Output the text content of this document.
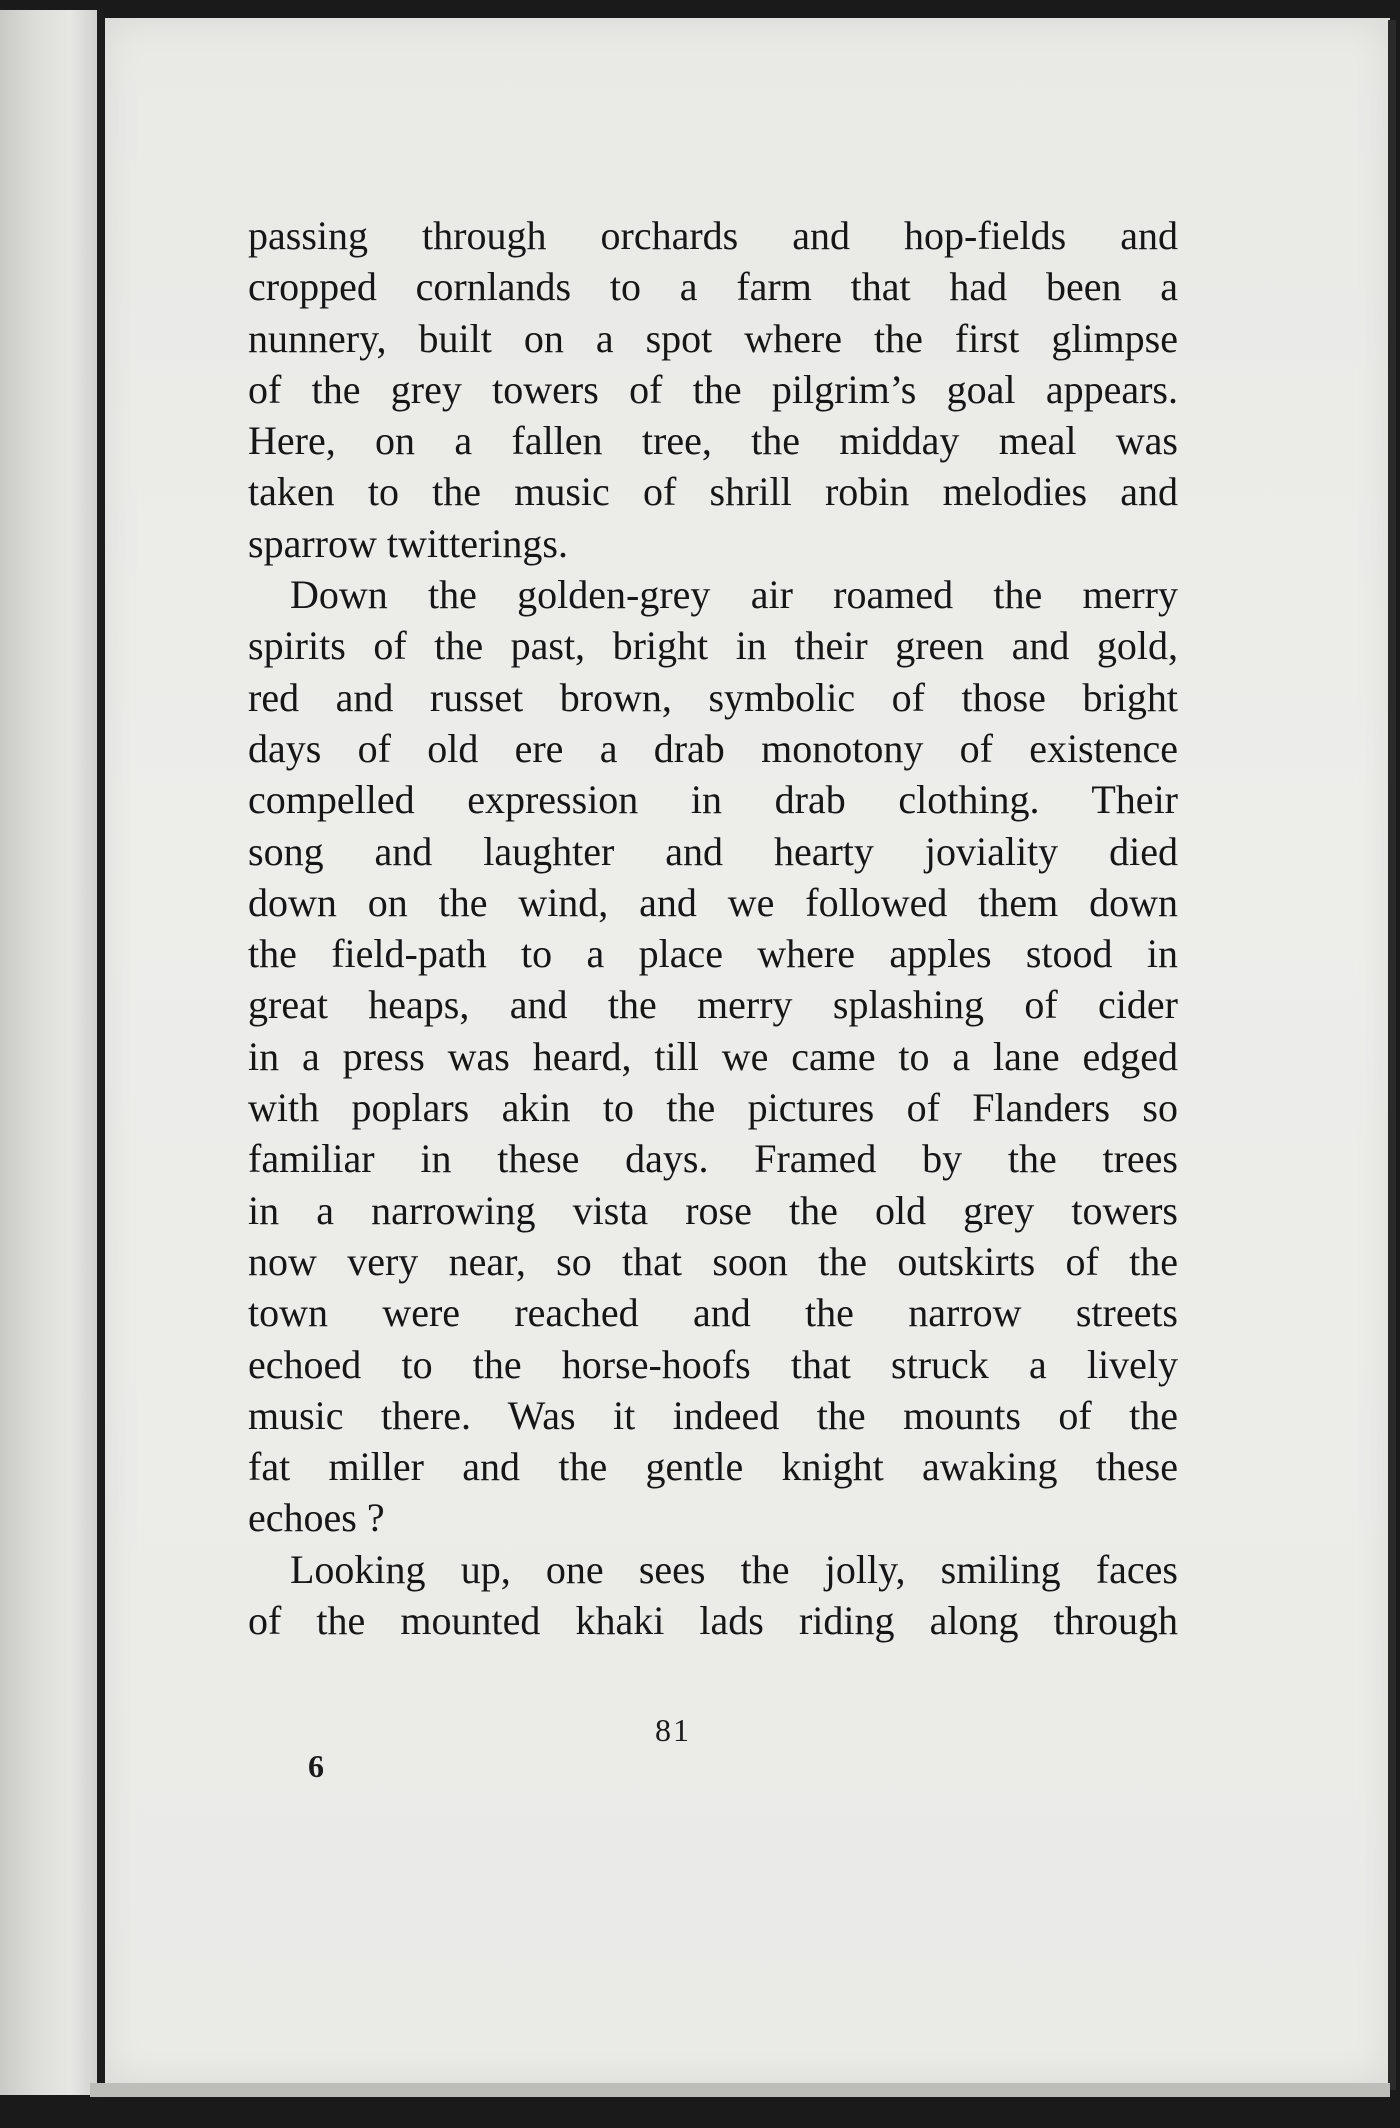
passing through orchards and hop-fields and
cropped cornlands to a farm that had been a
nunnery, built on a spot where the first glimpse
of the grey towers of the pilgrim’s goal appears.
Here, on a fallen tree, the midday meal was
taken to the music of shrill robin melodies and
sparrow twitterings.
Down the golden-grey air roamed the merry
spirits of the past, bright in their green and gold,
red and russet brown, symbolic of those bright
days of old ere a drab monotony of existence
compelled expression in drab clothing. Their
song and laughter and hearty joviality died
down on the wind, and we followed them down
the field-path to a place where apples stood in
great heaps, and the merry splashing of cider
in a press was heard, till we came to a lane edged
with poplars akin to the pictures of Flanders so
familiar in these days. Framed by the trees
in a narrowing vista rose the old grey towers
now very near, so that soon the outskirts of the
town were reached and the narrow streets
echoed to the horse-hoofs that struck a lively
music there. Was it indeed the mounts of the
fat miller and the gentle knight awaking these
echoes ?
Looking up, one sees the jolly, smiling faces
of the mounted khaki lads riding along through
81
6
